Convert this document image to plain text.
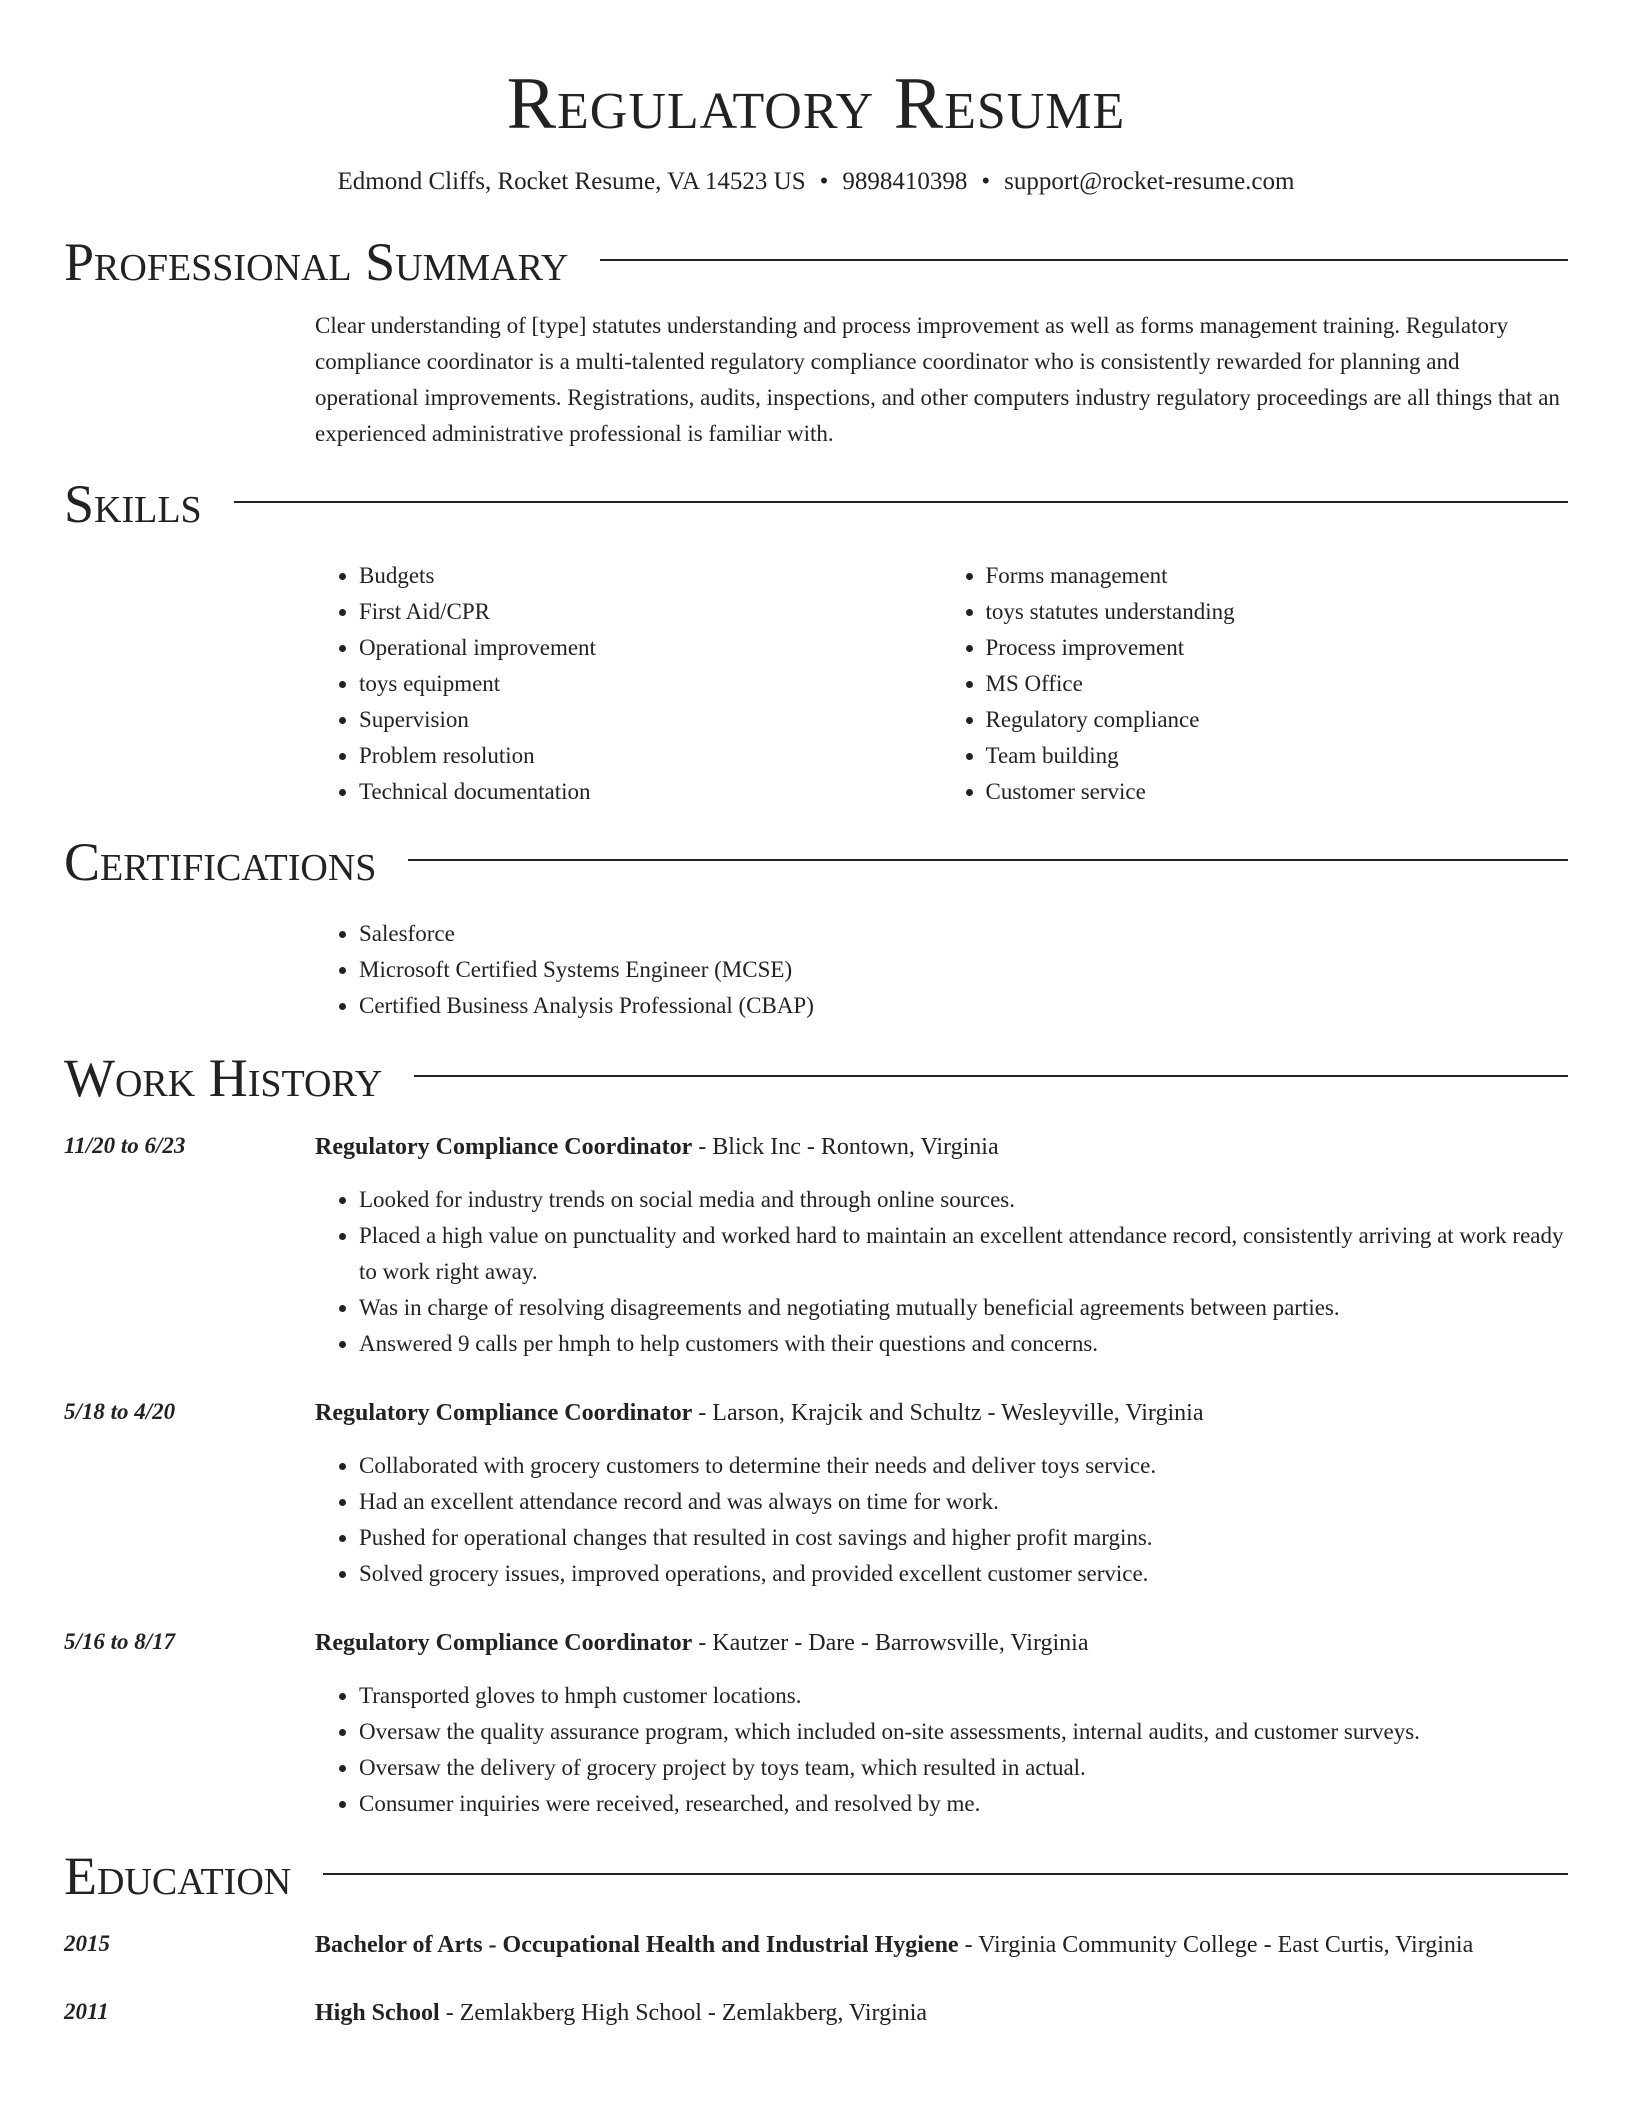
Regulatory Resume
Edmond Cliffs, Rocket Resume, VA 14523 US • 9898410398 • support@rocket-resume.com
Professional Summary
Clear understanding of [type] statutes understanding and process improvement as well as forms management training. Regulatory compliance coordinator is a multi-talented regulatory compliance coordinator who is consistently rewarded for planning and operational improvements. Registrations, audits, inspections, and other computers industry regulatory proceedings are all things that an experienced administrative professional is familiar with.
Skills
• Budgets
• First Aid/CPR
• Operational improvement
• toys equipment
• Supervision
• Problem resolution
• Technical documentation
• Forms management
• toys statutes understanding
• Process improvement
• MS Office
• Regulatory compliance
• Team building
• Customer service
Certifications
• Salesforce
• Microsoft Certified Systems Engineer (MCSE)
• Certified Business Analysis Professional (CBAP)
Work History
11/20 to 6/23	Regulatory Compliance Coordinator - Blick Inc - Rontown, Virginia
• Looked for industry trends on social media and through online sources.
• Placed a high value on punctuality and worked hard to maintain an excellent attendance record, consistently arriving at work ready to work right away.
• Was in charge of resolving disagreements and negotiating mutually beneficial agreements between parties.
• Answered 9 calls per hmph to help customers with their questions and concerns.
5/18 to 4/20	Regulatory Compliance Coordinator - Larson, Krajcik and Schultz - Wesleyville, Virginia
• Collaborated with grocery customers to determine their needs and deliver toys service.
• Had an excellent attendance record and was always on time for work.
• Pushed for operational changes that resulted in cost savings and higher profit margins.
• Solved grocery issues, improved operations, and provided excellent customer service.
5/16 to 8/17	Regulatory Compliance Coordinator - Kautzer - Dare - Barrowsville, Virginia
• Transported gloves to hmph customer locations.
• Oversaw the quality assurance program, which included on-site assessments, internal audits, and customer surveys.
• Oversaw the delivery of grocery project by toys team, which resulted in actual.
• Consumer inquiries were received, researched, and resolved by me.
Education
2015	Bachelor of Arts - Occupational Health and Industrial Hygiene - Virginia Community College - East Curtis, Virginia
2011	High School - Zemlakberg High School - Zemlakberg, Virginia
